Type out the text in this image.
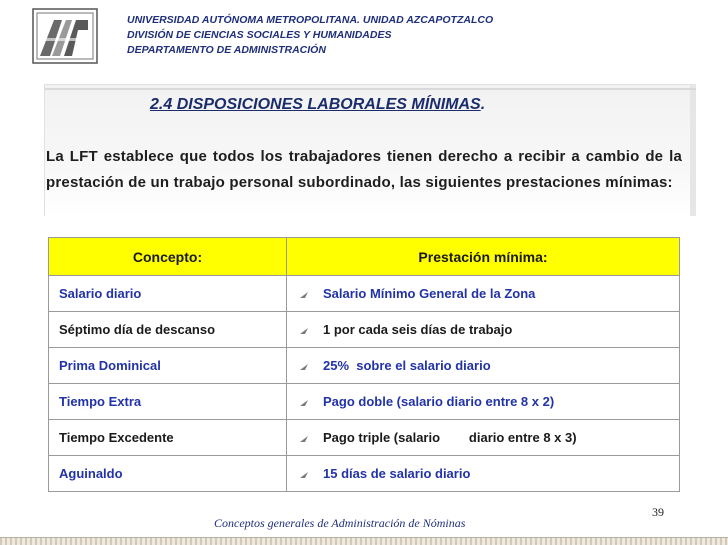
UNIVERSIDAD AUTÓNOMA METROPOLITANA. UNIDAD AZCAPOTZALCO
DIVISIÓN DE CIENCIAS SOCIALES Y HUMANIDADES
DEPARTAMENTO DE ADMINISTRACIÓN
2.4 DISPOSICIONES LABORALES MÍNIMAS.

La LFT establece que todos los trabajadores tienen derecho a recibir a cambio de la prestación de un trabajo personal subordinado, las siguientes prestaciones mínimas:

Concepto:	Prestación mínima:
Salario diario	Salario Mínimo General de la Zona
Séptimo día de descanso	1 por cada seis días de trabajo
Prima Dominical	25%  sobre el salario diario
Tiempo Extra	Pago doble (salario diario entre 8 x 2)
Tiempo Excedente	Pago triple (salario        diario entre 8 x 3)
Aguinaldo	15 días de salario diario
39
Conceptos generales de Administración de Nóminas
